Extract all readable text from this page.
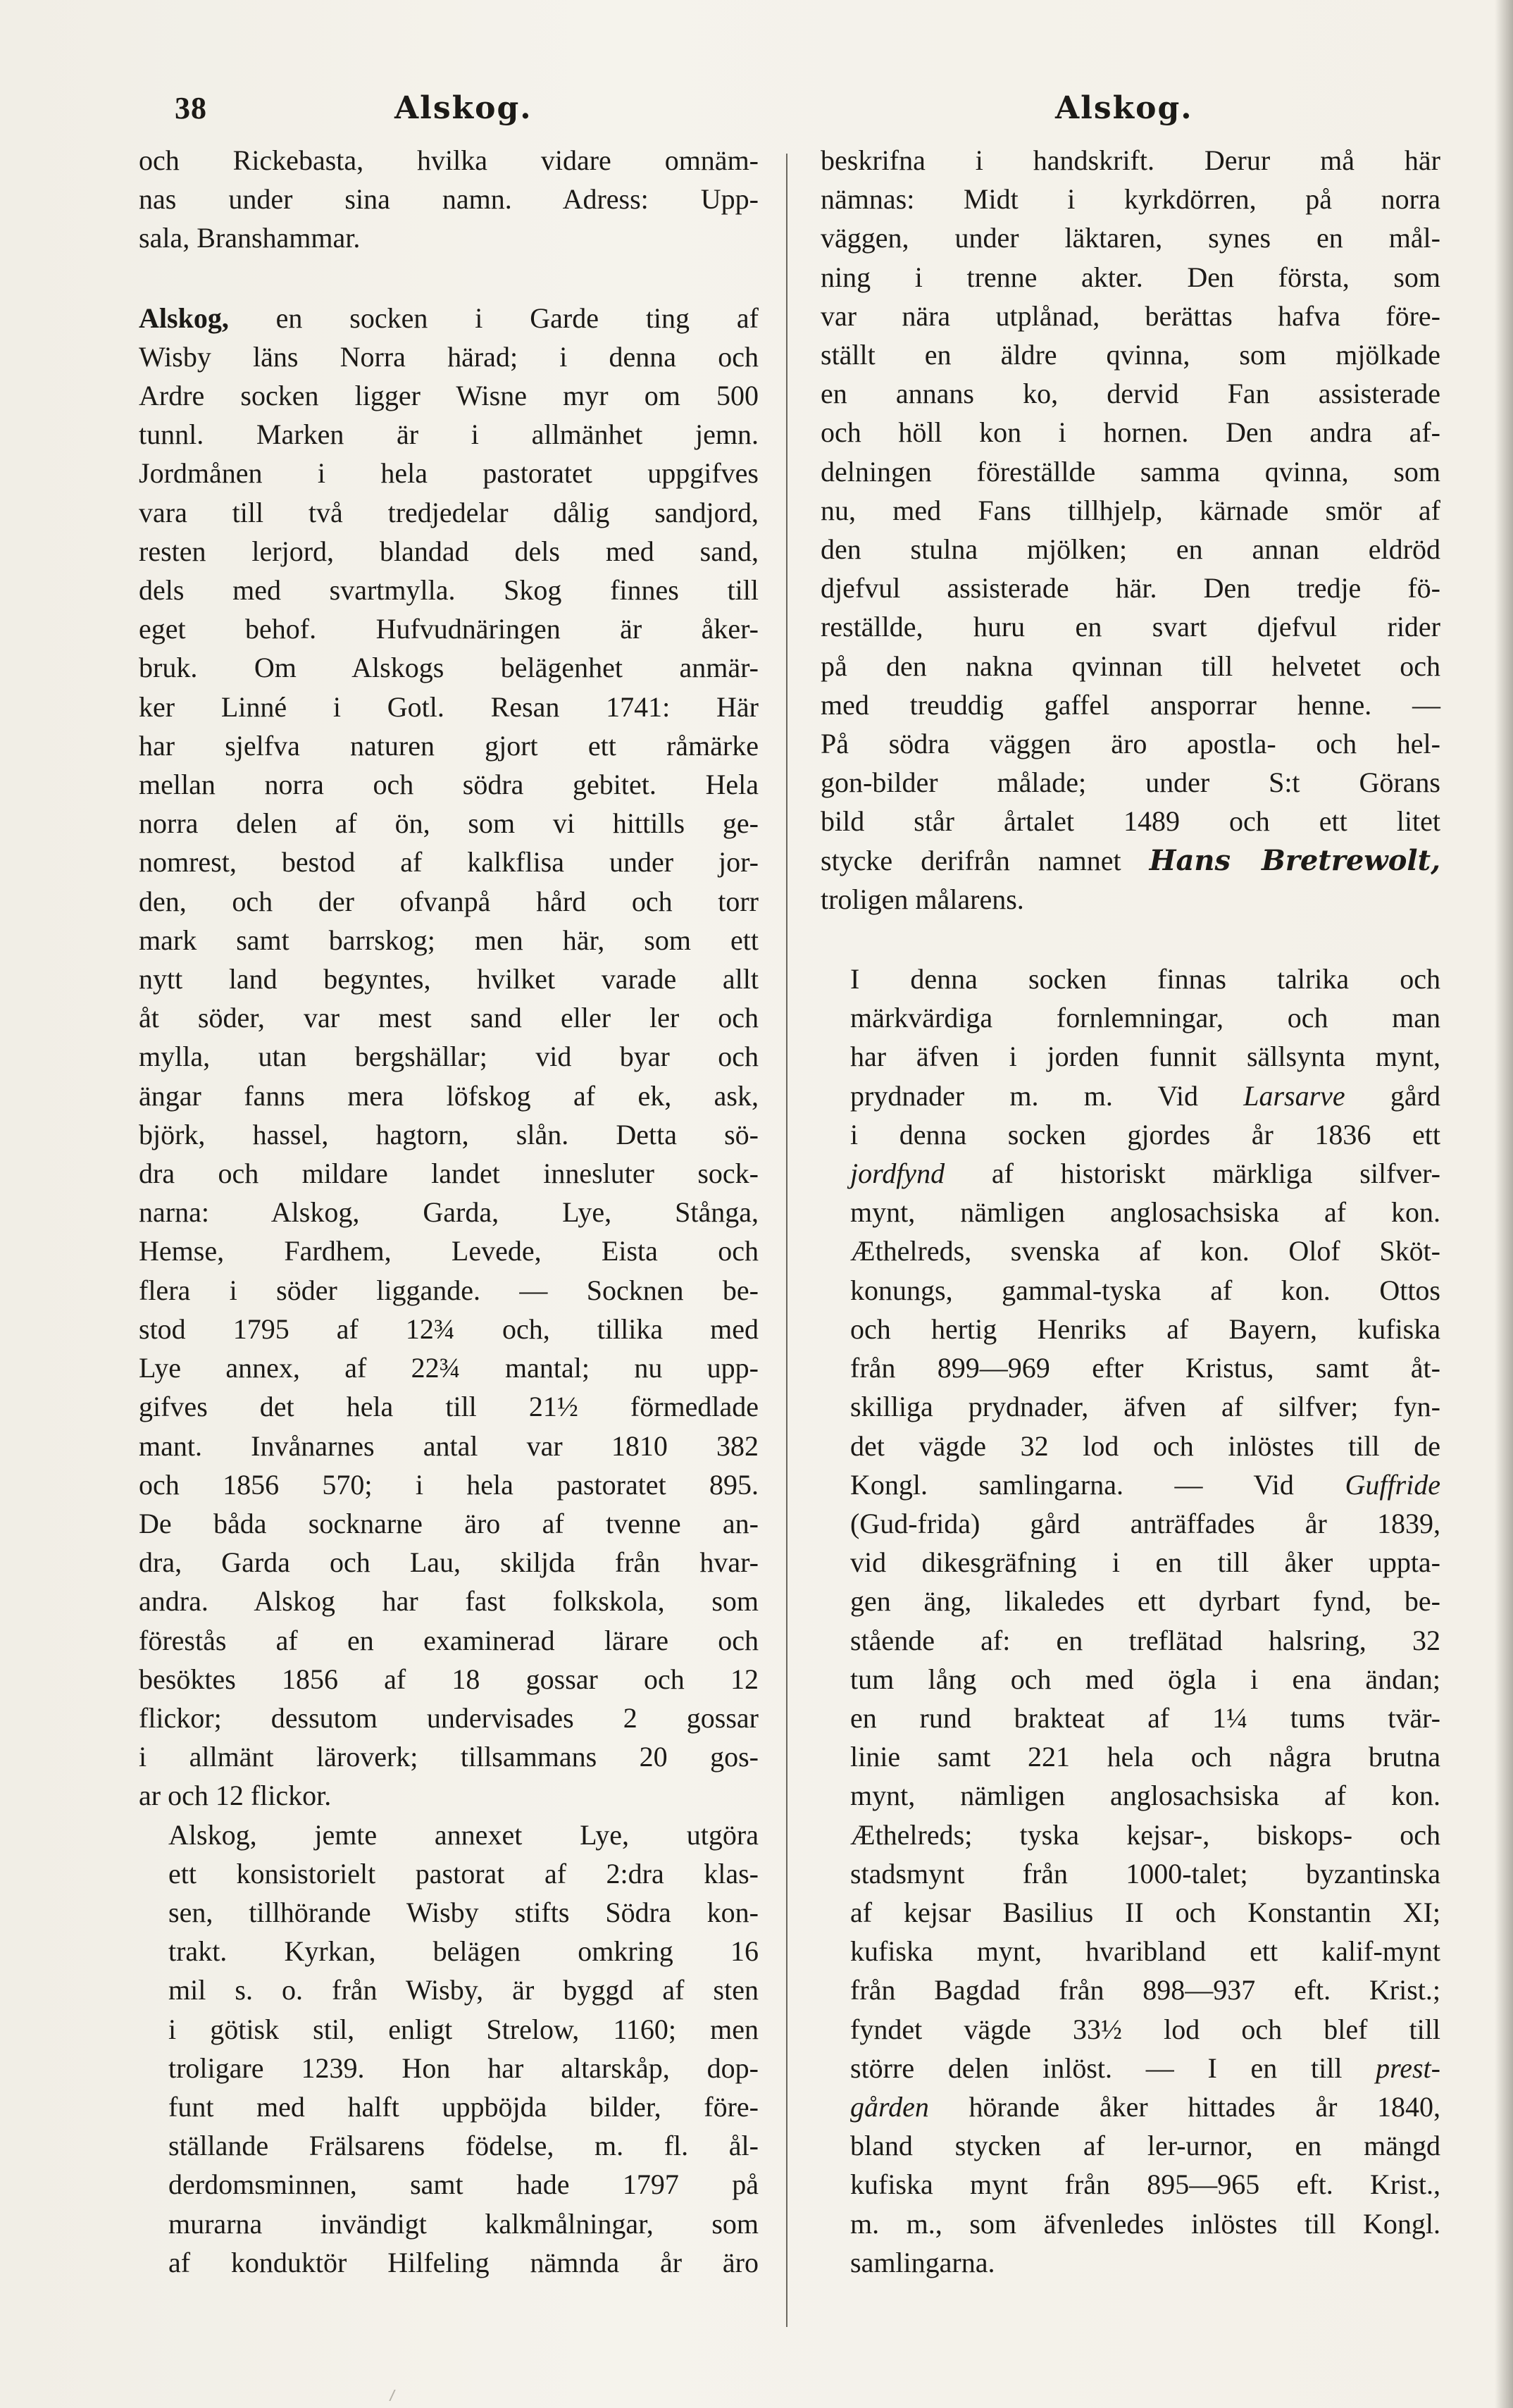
38	Alskog.	Alskog.

och Rickebasta, hvilka vidare omnäm-
nas under sina namn. Adress: Upp-
sala, Branshammar.

Alskog, en socken i Garde ting af
Wisby läns Norra härad; i denna och
Ardre socken ligger Wisne myr om 500
tunnl. Marken är i allmänhet jemn.
Jordmånen i hela pastoratet uppgifves
vara till två tredjedelar dålig sandjord,
resten lerjord, blandad dels med sand,
dels med svartmylla. Skog finnes till
eget behof. Hufvudnäringen är åker-
bruk. Om Alskogs belägenhet anmär-
ker Linné i Gotl. Resan 1741: Här
har sjelfva naturen gjort ett råmärke
mellan norra och södra gebitet. Hela
norra delen af ön, som vi hittills ge-
nomrest, bestod af kalkflisa under jor-
den, och der ofvanpå hård och torr
mark samt barrskog; men här, som ett
nytt land begyntes, hvilket varade allt
åt söder, var mest sand eller ler och
mylla, utan bergshällar; vid byar och
ängar fanns mera löfskog af ek, ask,
björk, hassel, hagtorn, slån. Detta sö-
dra och mildare landet innesluter sock-
narna: Alskog, Garda, Lye, Stånga,
Hemse, Fardhem, Levede, Eista och
flera i söder liggande. — Socknen be-
stod 1795 af 12¾ och, tillika med
Lye annex, af 22¾ mantal; nu upp-
gifves det hela till 21½ förmedlade
mant. Invånarnes antal var 1810 382
och 1856 570; i hela pastoratet 895.
De båda socknarne äro af tvenne an-
dra, Garda och Lau, skiljda från hvar-
andra. Alskog har fast folkskola, som
förestås af en examinerad lärare och
besöktes 1856 af 18 gossar och 12
flickor; dessutom undervisades 2 gossar
i allmänt läroverk; tillsammans 20 gos-
ar och 12 flickor.

Alskog, jemte annexet Lye, utgöra
ett konsistorielt pastorat af 2:dra klas-
sen, tillhörande Wisby stifts Södra kon-
trakt. Kyrkan, belägen omkring 16
mil s. o. från Wisby, är byggd af sten
i götisk stil, enligt Strelow, 1160; men
troligare 1239. Hon har altarskåp, dop-
funt med halft uppböjda bilder, före-
ställande Frälsarens födelse, m. fl. ål-
derdomsminnen, samt hade 1797 på
murarna invändigt kalkmålningar, som
af konduktör Hilfeling nämnda år äro

beskrifna i handskrift. Derur må här
nämnas: Midt i kyrkdörren, på norra
väggen, under läktaren, synes en mål-
ning i trenne akter. Den första, som
var nära utplånad, berättas hafva före-
ställt en äldre qvinna, som mjölkade
en annans ko, dervid Fan assisterade
och höll kon i hornen. Den andra af-
delningen föreställde samma qvinna, som
nu, med Fans tillhjelp, kärnade smör af
den stulna mjölken; en annan eldröd
djefvul assisterade här. Den tredje fö-
reställde, huru en svart djefvul rider
på den nakna qvinnan till helvetet och
med treuddig gaffel ansporrar henne. —
På södra väggen äro apostla- och hel-
gon-bilder målade; under S:t Görans
bild står årtalet 1489 och ett litet
stycke derifrån namnet Hans Bretrewolt,
troligen målarens.

I denna socken finnas talrika och
märkvärdiga fornlemningar, och man
har äfven i jorden funnit sällsynta mynt,
prydnader m. m. Vid Larsarve gård
i denna socken gjordes år 1836 ett
jordfynd af historiskt märkliga silfver-
mynt, nämligen anglosachsiska af kon.
Æthelreds, svenska af kon. Olof Sköt-
konungs, gammal-tyska af kon. Ottos
och hertig Henriks af Bayern, kufiska
från 899—969 efter Kristus, samt åt-
skilliga prydnader, äfven af silfver; fyn-
det vägde 32 lod och inlöstes till de
Kongl. samlingarna. — Vid Guffride
(Gud-frida) gård anträffades år 1839,
vid dikesgräfning i en till åker uppta-
gen äng, likaledes ett dyrbart fynd, be-
stående af: en treflätad halsring, 32
tum lång och med ögla i ena ändan;
en rund brakteat af 1¼ tums tvär-
linie samt 221 hela och några brutna
mynt, nämligen anglosachsiska af kon.
Æthelreds; tyska kejsar-, biskops- och
stadsmynt från 1000-talet; byzantinska
af kejsar Basilius II och Konstantin XI;
kufiska mynt, hvaribland ett kalif-mynt
från Bagdad från 898—937 eft. Krist.;
fyndet vägde 33½ lod och blef till
större delen inlöst. — I en till prest-
gården hörande åker hittades år 1840,
bland stycken af ler-urnor, en mängd
kufiska mynt från 895—965 eft. Krist.,
m. m., som äfvenledes inlöstes till Kongl.
samlingarna.
